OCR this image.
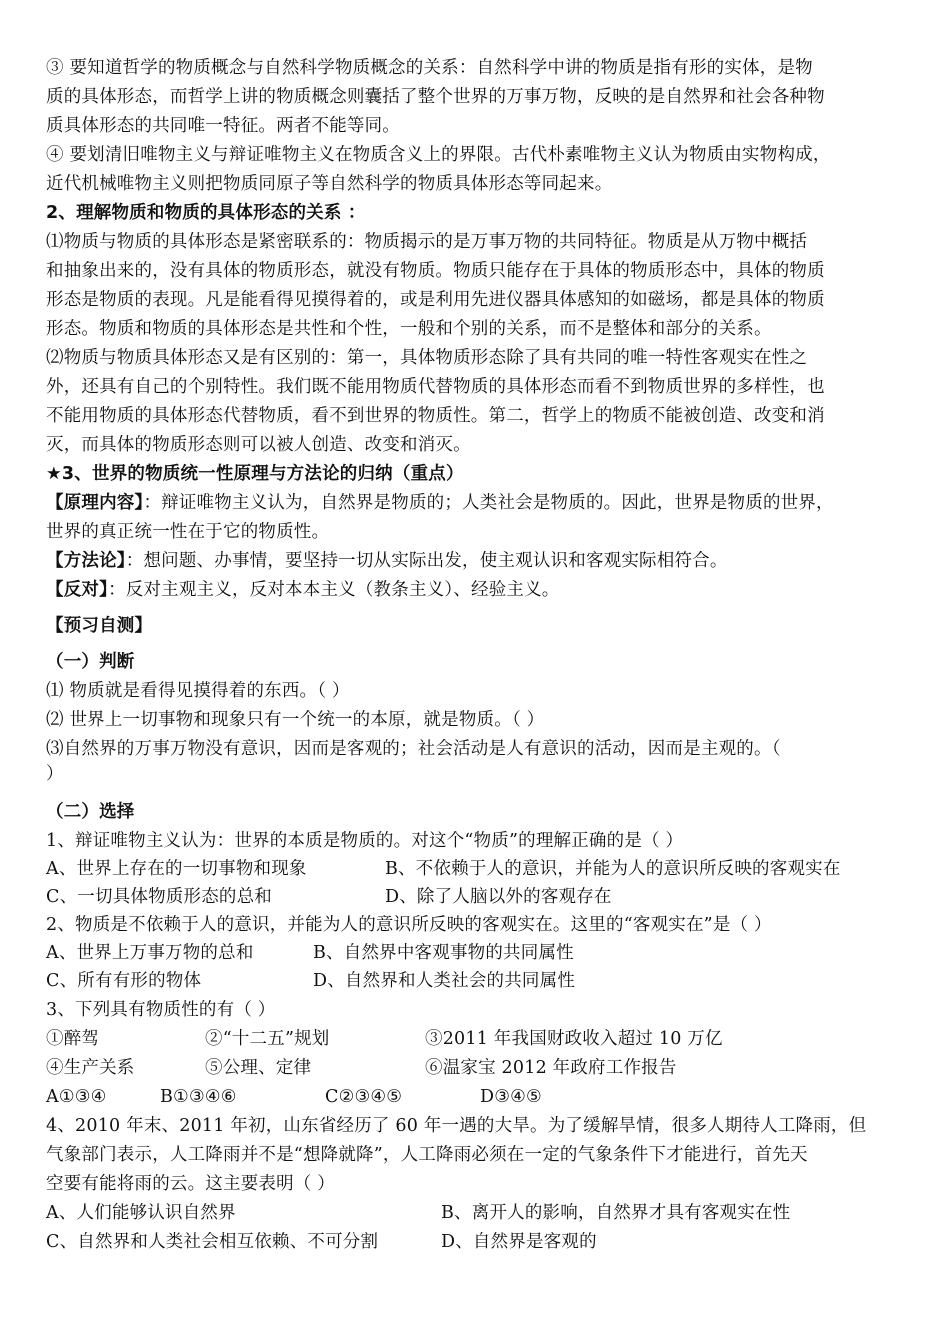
③ 要知道哲学的物质概念与自然科学物质概念的关系：自然科学中讲的物质是指有形的实体，是物
质的具体形态，而哲学上讲的物质概念则囊括了整个世界的万事万物，反映的是自然界和社会各种物
质具体形态的共同唯一特征。两者不能等同。
④ 要划清旧唯物主义与辩证唯物主义在物质含义上的界限。古代朴素唯物主义认为物质由实物构成，
近代机械唯物主义则把物质同原子等自然科学的物质具体形态等同起来。
2、理解物质和物质的具体形态的关系 ：
⑴物质与物质的具体形态是紧密联系的：物质揭示的是万事万物的共同特征。物质是从万物中概括
和抽象出来的，没有具体的物质形态，就没有物质。物质只能存在于具体的物质形态中，具体的物质
形态是物质的表现。凡是能看得见摸得着的，或是利用先进仪器具体感知的如磁场，都是具体的物质
形态。物质和物质的具体形态是共性和个性，一般和个别的关系，而不是整体和部分的关系。
⑵物质与物质具体形态又是有区别的：第一，具体物质形态除了具有共同的唯一特性客观实在性之
外，还具有自己的个别特性。我们既不能用物质代替物质的具体形态而看不到物质世界的多样性，也
不能用物质的具体形态代替物质，看不到世界的物质性。第二，哲学上的物质不能被创造、改变和消
灭，而具体的物质形态则可以被人创造、改变和消灭。
★3、世界的物质统一性原理与方法论的归纳（重点）
【原理内容】：辩证唯物主义认为，自然界是物质的；人类社会是物质的。因此，世界是物质的世界，
世界的真正统一性在于它的物质性。
【方法论】：想问题、办事情，要坚持一切从实际出发，使主观认识和客观实际相符合。
【反对】：反对主观主义，反对本本主义（教条主义）、经验主义。
【预习自测】
（一）判断
⑴ 物质就是看得见摸得着的东西。（ ）
⑵ 世界上一切事物和现象只有一个统一的本原，就是物质。（ ）
⑶自然界的万事万物没有意识，因而是客观的；社会活动是人有意识的活动，因而是主观的。（
）
（二）选择
1、辩证唯物主义认为：世界的本质是物质的。对这个“物质”的理解正确的是（ ）
A、世界上存在的一切事物和现象	B、不依赖于人的意识，并能为人的意识所反映的客观实在
C、一切具体物质形态的总和	D、除了人脑以外的客观存在
2、物质是不依赖于人的意识，并能为人的意识所反映的客观实在。这里的“客观实在”是（ ）
A、世界上万事万物的总和	B、自然界中客观事物的共同属性
C、所有有形的物体	D、自然界和人类社会的共同属性
3、下列具有物质性的有（ ）
①醉驾	②“十二五”规划	③2011 年我国财政收入超过 10 万亿
④生产关系	⑤公理、定律	⑥温家宝 2012 年政府工作报告
A①③④	B①③④⑥	C②③④⑤	D③④⑤
4、2010 年末、2011 年初，山东省经历了 60 年一遇的大旱。为了缓解旱情，很多人期待人工降雨，但
气象部门表示，人工降雨并不是“想降就降”，人工降雨必须在一定的气象条件下才能进行，首先天
空要有能将雨的云。这主要表明（ ）
A、人们能够认识自然界	B、离开人的影响，自然界才具有客观实在性
C、自然界和人类社会相互依赖、不可分割	D、自然界是客观的
